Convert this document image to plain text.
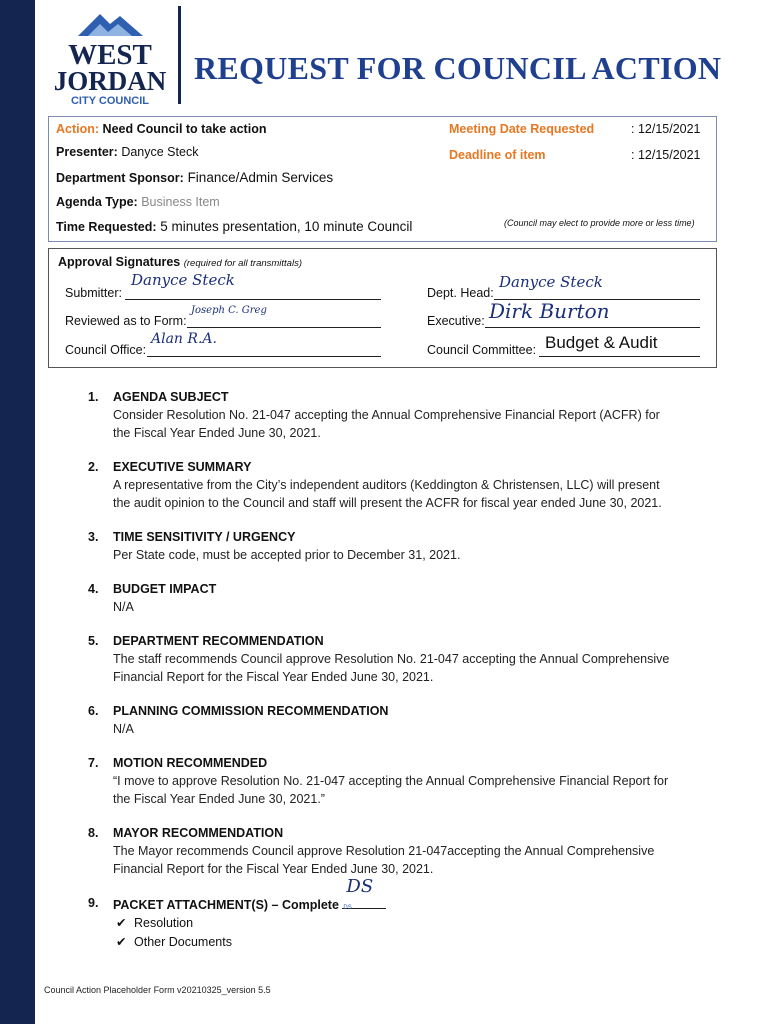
WEST
JORDAN
CITY COUNCIL
REQUEST FOR COUNCIL ACTION
Action: Need Council to take action
Presenter: Danyce Steck
Department Sponsor: Finance/Admin Services
Agenda Type: Business Item
Time Requested: 5 minutes presentation, 10 minute Council
Meeting Date Requested	: 12/15/2021
Deadline of item	: 12/15/2021
(Council may elect to provide more or less time)
Approval Signatures (required for all transmittals)
Submitter:
Danyce Steck
Reviewed as to Form:
Joseph C. Greg
Council Office:
Alan R.A.
Dept. Head:
Danyce Steck
Executive: Dirk Burton
Council Committee: Budget & Audit
1. AGENDA SUBJECT
Consider Resolution No. 21-047 accepting the Annual Comprehensive Financial Report (ACFR) for
the Fiscal Year Ended June 30, 2021.
2. EXECUTIVE SUMMARY
A representative from the City’s independent auditors (Keddington & Christensen, LLC) will present
the audit opinion to the Council and staff will present the ACFR for fiscal year ended June 30, 2021.
3. TIME SENSITIVITY / URGENCY
Per State code, must be accepted prior to December 31, 2021.
4. BUDGET IMPACT
N/A
5. DEPARTMENT RECOMMENDATION
The staff recommends Council approve Resolution No. 21-047 accepting the Annual Comprehensive
Financial Report for the Fiscal Year Ended June 30, 2021.
6. PLANNING COMMISSION RECOMMENDATION
N/A
7. MOTION RECOMMENDED
“I move to approve Resolution No. 21-047 accepting the Annual Comprehensive Financial Report for
the Fiscal Year Ended June 30, 2021.”
8. MAYOR RECOMMENDATION
The Mayor recommends Council approve Resolution 21-047accepting the Annual Comprehensive
Financial Report for the Fiscal Year Ended June 30, 2021.
9. PACKET ATTACHMENT(S) – Complete
DS
DS
✔ Resolution
✔ Other Documents
Council Action Placeholder Form v20210325_version 5.5
